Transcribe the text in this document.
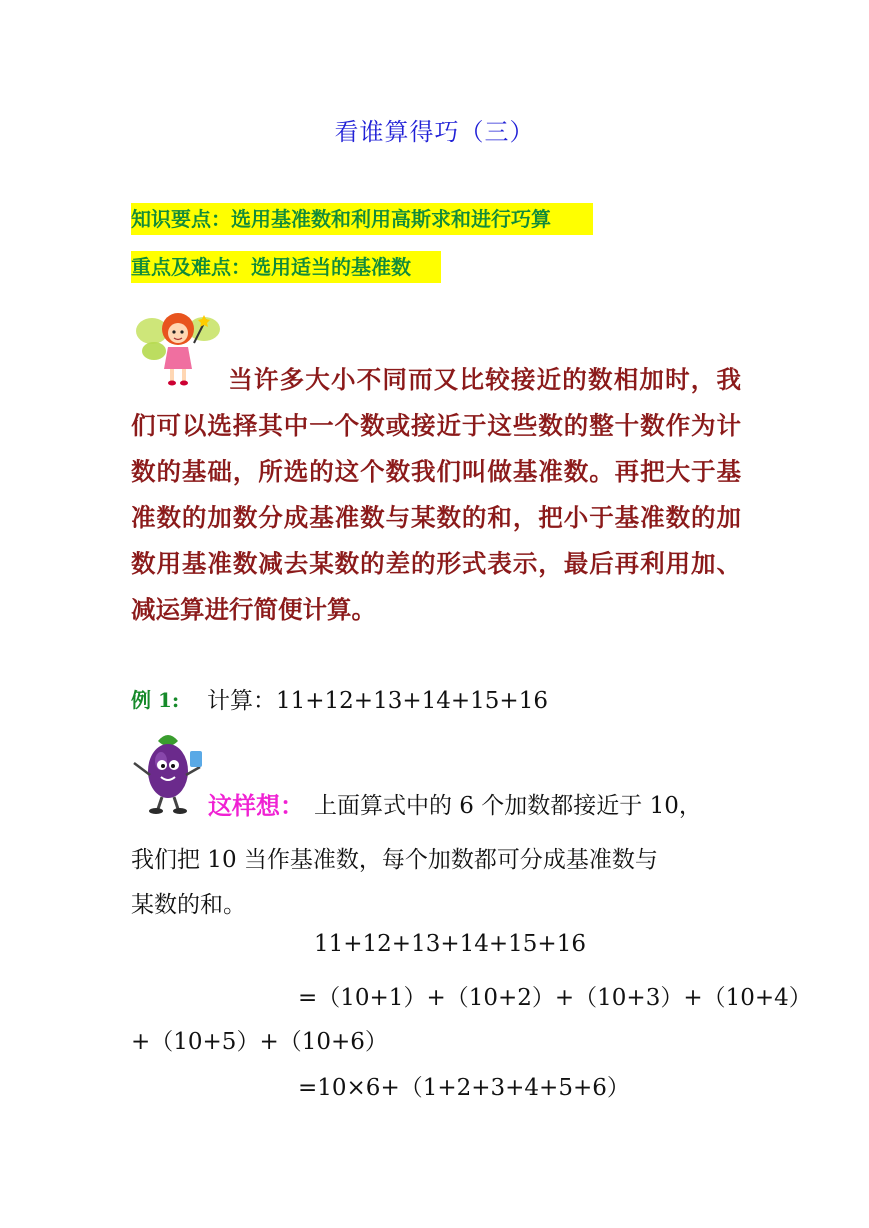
看谁算得巧（三）
知识要点：选用基准数和利用高斯求和进行巧算
重点及难点：选用适当的基准数
当许多大小不同而又比较接近的数相加时，我们可以选择其中一个数或接近于这些数的整十数作为计数的基础，所选的这个数我们叫做基准数。再把大于基准数的加数分成基准数与某数的和，把小于基准数的加数用基准数减去某数的差的形式表示，最后再利用加、减运算进行简便计算。
例 1: 计算：11+12+13+14+15+16
这样想： 上面算式中的 6 个加数都接近于 10，
我们把 10 当作基准数，每个加数都可分成基准数与
某数的和。
11+12+13+14+15+16
=（10+1）+（10+2）+（10+3）+（10+4）
+（10+5）+（10+6）
=10×6+（1+2+3+4+5+6）
